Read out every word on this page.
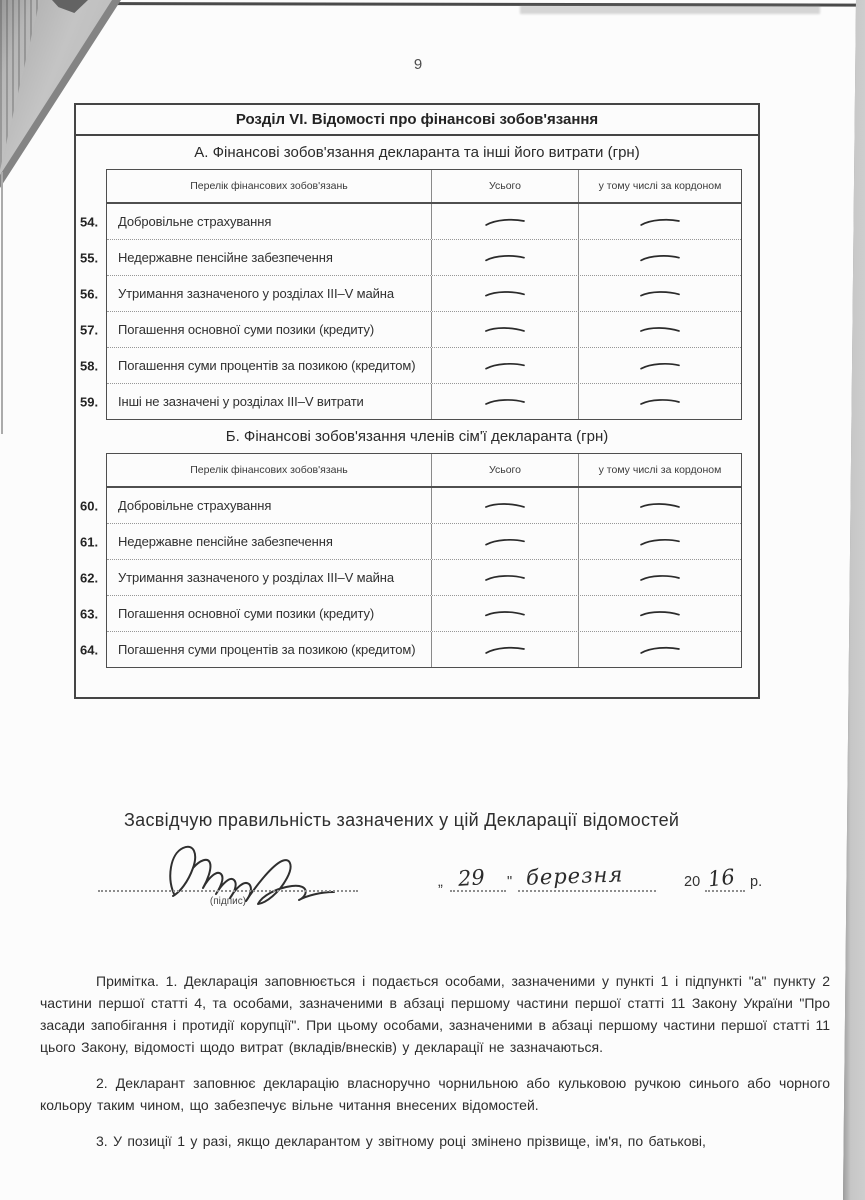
9
Розділ VI. Відомості про фінансові зобов'язання
А. Фінансові зобов'язання декларанта та інші його витрати (грн)
Перелік фінансових зобов'язань	Усього	у тому числі за кордоном
54.	Добровільне страхування
55.	Недержавне пенсійне забезпечення
56.	Утримання зазначеного у розділах III–V майна
57.	Погашення основної суми позики (кредиту)
58.	Погашення суми процентів за позикою (кредитом)
59.	Інші не зазначені у розділах III–V витрати
Б. Фінансові зобов'язання членів сім'ї декларанта (грн)
Перелік фінансових зобов'язань	Усього	у тому числі за кордоном
60.	Добровільне страхування
61.	Недержавне пенсійне забезпечення
62.	Утримання зазначеного у розділах III–V майна
63.	Погашення основної суми позики (кредиту)
64.	Погашення суми процентів за позикою (кредитом)
Засвідчую правильність зазначених у цій Декларації відомостей
(підпис)
„ 29 " березня	20 16 р.

Примітка. 1. Декларація заповнюється і подається особами, зазначеними у пункті 1 і підпункті "а" пункту 2 частини першої статті 4, та особами, зазначеними в абзаці першому частини першої статті 11 Закону України "Про засади запобігання і протидії корупції". При цьому особами, зазначеними в абзаці першому частини першої статті 11 цього Закону, відомості щодо витрат (вкладів/внесків) у декларації не зазначаються.

2. Декларант заповнює декларацію власноручно чорнильною або кульковою ручкою синього або чорного кольору таким чином, що забезпечує вільне читання внесених відомостей.

3. У позиції 1 у разі, якщо декларантом у звітному році змінено прізвище, ім'я, по батькові,
